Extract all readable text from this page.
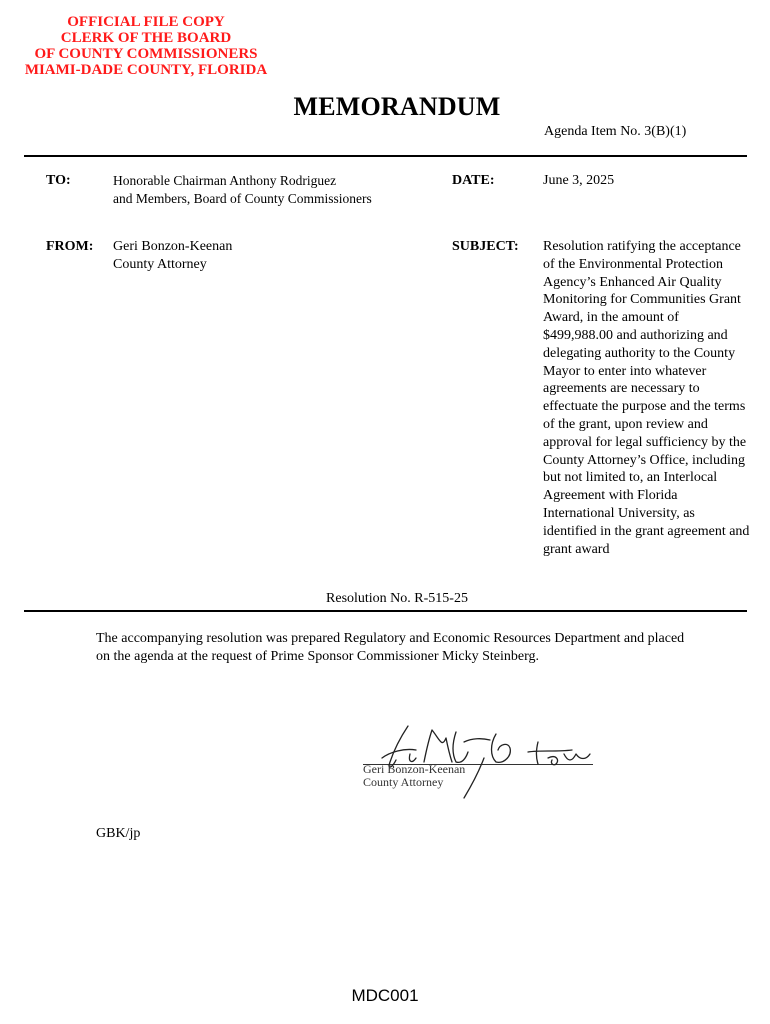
OFFICIAL FILE COPY
CLERK OF THE BOARD
OF COUNTY COMMISSIONERS
MIAMI-DADE COUNTY, FLORIDA
MEMORANDUM
Agenda Item No. 3(B)(1)
TO:	Honorable Chairman Anthony Rodriguez
and Members, Board of County Commissioners
DATE:	June 3, 2025
FROM: Geri Bonzon-Keenan
County Attorney
SUBJECT: Resolution ratifying the acceptance of the Environmental Protection Agency’s Enhanced Air Quality Monitoring for Communities Grant Award, in the amount of $499,988.00 and authorizing and delegating authority to the County Mayor to enter into whatever agreements are necessary to effectuate the purpose and the terms of the grant, upon review and approval for legal sufficiency by the County Attorney’s Office, including but not limited to, an Interlocal Agreement with Florida International University, as identified in the grant agreement and grant award
Resolution No. R-515-25

The accompanying resolution was prepared Regulatory and Economic Resources Department and placed on the agenda at the request of Prime Sponsor Commissioner Micky Steinberg.

for
Geri Bonzon-Keenan
County Attorney
GBK/jp
MDC001
